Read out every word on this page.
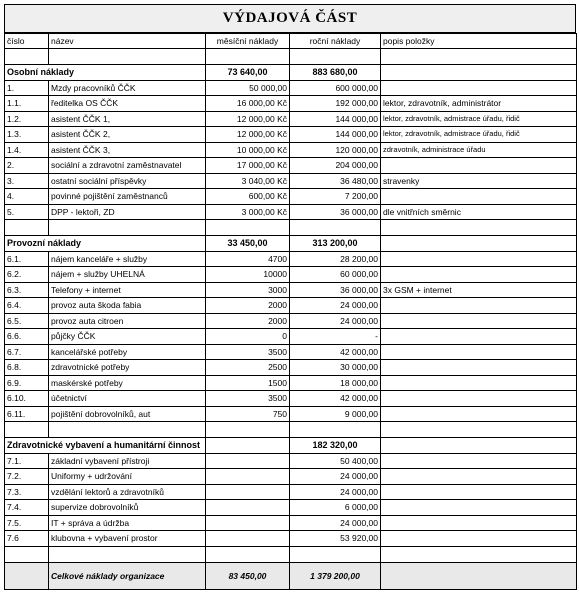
VÝDAJOVÁ ČÁST
číslo	název	měsíční náklady	roční náklady	popis položky

Osobní náklady		73 640,00	883 680,00	
1.	Mzdy pracovníků ČČK	50 000,00	600 000,00	
1.1.	ředitelka OS ČČK	16 000,00 Kč	192 000,00	lektor, zdravotník, administrátor
1.2.	asistent ČČK 1,	12 000,00 Kč	144 000,00	lektor, zdravotník, admistrace úřadu, řidič
1.3.	asistent ČČK 2,	12 000,00 Kč	144 000,00	lektor, zdravotník, admistrace úřadu, řidič
1.4.	asistent ČČK 3,	10 000,00 Kč	120 000,00	zdravotník, administrace úřadu
2.	sociální a zdravotní zaměstnavatel	17 000,00 Kč	204 000,00	
3.	ostatní sociální příspěvky	3 040,00 Kč	36 480,00	stravenky
4.	povinné pojištění zaměstnanců	600,00 Kč	7 200,00	
5.	DPP - lektoři, ZD	3 000,00 Kč	36 000,00	dle vnitřních směrnic

Provozní náklady		33 450,00	313 200,00	
6.1.	nájem kanceláře + služby	4700	28 200,00	
6.2.	nájem + služby UHELNÁ	10000	60 000,00	
6.3.	Telefony + internet	3000	36 000,00	3x GSM + internet
6.4.	provoz auta škoda fabia	2000	24 000,00	
6.5.	provoz auta citroen	2000	24 000,00	
6.6.	půjčky ČČK	0	-	
6.7.	kancelářské potřeby	3500	42 000,00	
6.8.	zdravotnické potřeby	2500	30 000,00	
6.9.	maskérské potřeby	1500	18 000,00	
6.10.	účetnictví	3500	42 000,00	
6.11.	pojištění dobrovolníků, aut	750	9 000,00	

Zdravotnické vybavení a humanitární činnost			182 320,00	
7.1.	základní vybavení přístroji		50 400,00	
7.2.	Uniformy + udržování		24 000,00	
7.3.	vzdělání lektorů a zdravotníků		24 000,00	
7.4.	supervize dobrovolníků		6 000,00	
7.5.	IT + správa a údržba		24 000,00	
7.6	klubovna + vybavení prostor		53 920,00	

	Celkové náklady organizace	83 450,00	1 379 200,00	
